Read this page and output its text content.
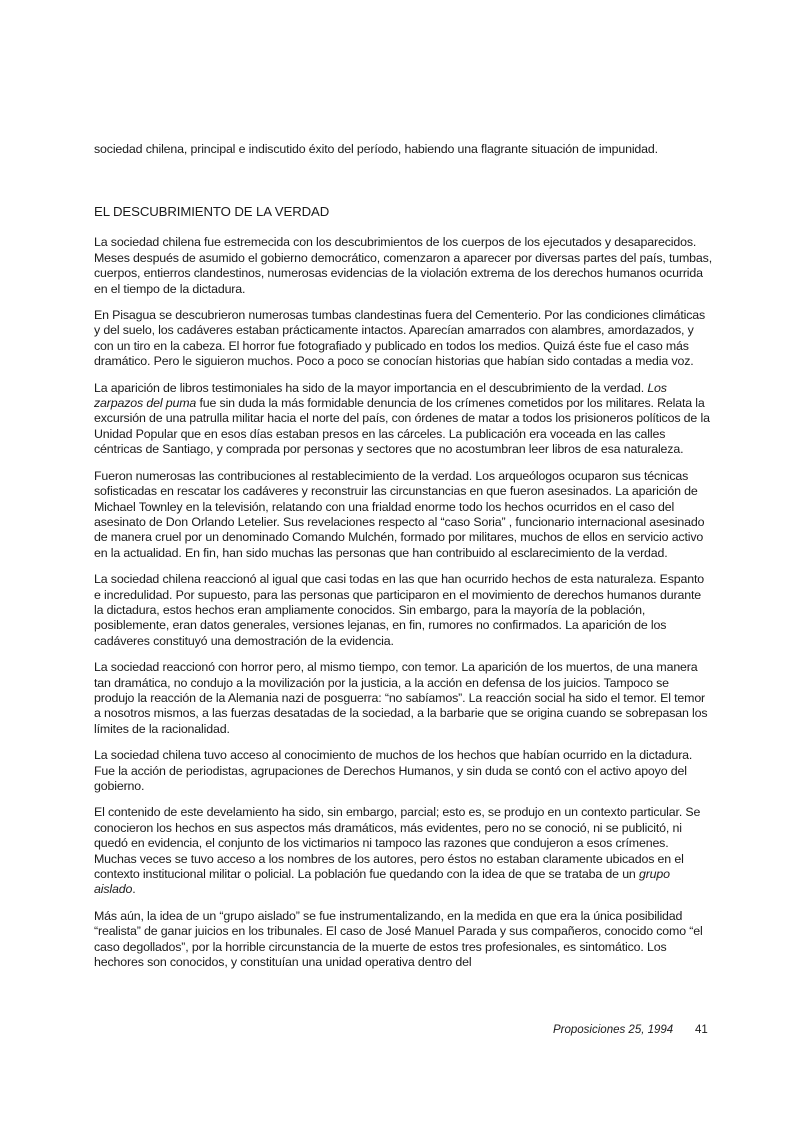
sociedad chilena, principal e indiscutido éxito del período, habiendo una flagrante situación de impunidad.

EL DESCUBRIMIENTO DE LA VERDAD

La sociedad chilena fue estremecida con los descubrimientos de los cuerpos de los ejecutados y desaparecidos. Meses después de asumido el gobierno democrático, comenzaron a aparecer por diversas partes del país, tumbas, cuerpos, entierros clandestinos, numerosas evidencias de la violación extrema de los derechos humanos ocurrida en el tiempo de la dictadura.

En Pisagua se descubrieron numerosas tumbas clandestinas fuera del Cementerio. Por las condiciones climáticas y del suelo, los cadáveres estaban prácticamente intactos. Aparecían amarrados con alambres, amordazados, y con un tiro en la cabeza. El horror fue fotografiado y publicado en todos los medios. Quizá éste fue el caso más dramático. Pero le siguieron muchos. Poco a poco se conocían historias que habían sido contadas a media voz.

La aparición de libros testimoniales ha sido de la mayor importancia en el descubrimiento de la verdad. Los zarpazos del puma fue sin duda la más formidable denuncia de los crímenes cometidos por los militares. Relata la excursión de una patrulla militar hacia el norte del país, con órdenes de matar a todos los prisioneros políticos de la Unidad Popular que en esos días estaban presos en las cárceles. La publicación era voceada en las calles céntricas de Santiago, y comprada por personas y sectores que no acostumbran leer libros de esa naturaleza.

Fueron numerosas las contribuciones al restablecimiento de la verdad. Los arqueólogos ocuparon sus técnicas sofisticadas en rescatar los cadáveres y reconstruir las circunstancias en que fueron asesinados. La aparición de Michael Townley en la televisión, relatando con una frialdad enorme todo los hechos ocurridos en el caso del asesinato de Don Orlando Letelier. Sus revelaciones respecto al “caso Soria” , funcionario internacional asesinado de manera cruel por un denominado Comando Mulchén, formado por militares, muchos de ellos en servicio activo en la actualidad. En fin, han sido muchas las personas que han contribuido al esclarecimiento de la verdad.

La sociedad chilena reaccionó al igual que casi todas en las que han ocurrido hechos de esta naturaleza. Espanto e incredulidad. Por supuesto, para las personas que participaron en el movimiento de derechos humanos durante la dictadura, estos hechos eran ampliamente conocidos. Sin embargo, para la mayoría de la población, posiblemente, eran datos generales, versiones lejanas, en fin, rumores no confirmados. La aparición de los cadáveres constituyó una demostración de la evidencia.

La sociedad reaccionó con horror pero, al mismo tiempo, con temor. La aparición de los muertos, de una manera tan dramática, no condujo a la movilización por la justicia, a la acción en defensa de los juicios. Tampoco se produjo la reacción de la Alemania nazi de posguerra: “no sabíamos”. La reacción social ha sido el temor. El temor a nosotros mismos, a las fuerzas desatadas de la sociedad, a la barbarie que se origina cuando se sobrepasan los límites de la racionalidad.

La sociedad chilena tuvo acceso al conocimiento de muchos de los hechos que habían ocurrido en la dictadura. Fue la acción de periodistas, agrupaciones de Derechos Humanos, y sin duda se contó con el activo apoyo del gobierno.

El contenido de este develamiento ha sido, sin embargo, parcial; esto es, se produjo en un contexto particular. Se conocieron los hechos en sus aspectos más dramáticos, más evidentes, pero no se conoció, ni se publicitó, ni quedó en evidencia, el conjunto de los victimarios ni tampoco las razones que condujeron a esos crímenes. Muchas veces se tuvo acceso a los nombres de los autores, pero éstos no estaban claramente ubicados en el contexto institucional militar o policial. La población fue quedando con la idea de que se trataba de un grupo aislado.

Más aún, la idea de un “grupo aislado” se fue instrumentalizando, en la medida en que era la única posibilidad “realista” de ganar juicios en los tribunales. El caso de José Manuel Parada y sus compañeros, conocido como “el caso degollados”, por la horrible circunstancia de la muerte de estos tres profesionales, es sintomático. Los hechores son conocidos, y constituían una unidad operativa dentro del

Proposiciones 25, 1994 41
